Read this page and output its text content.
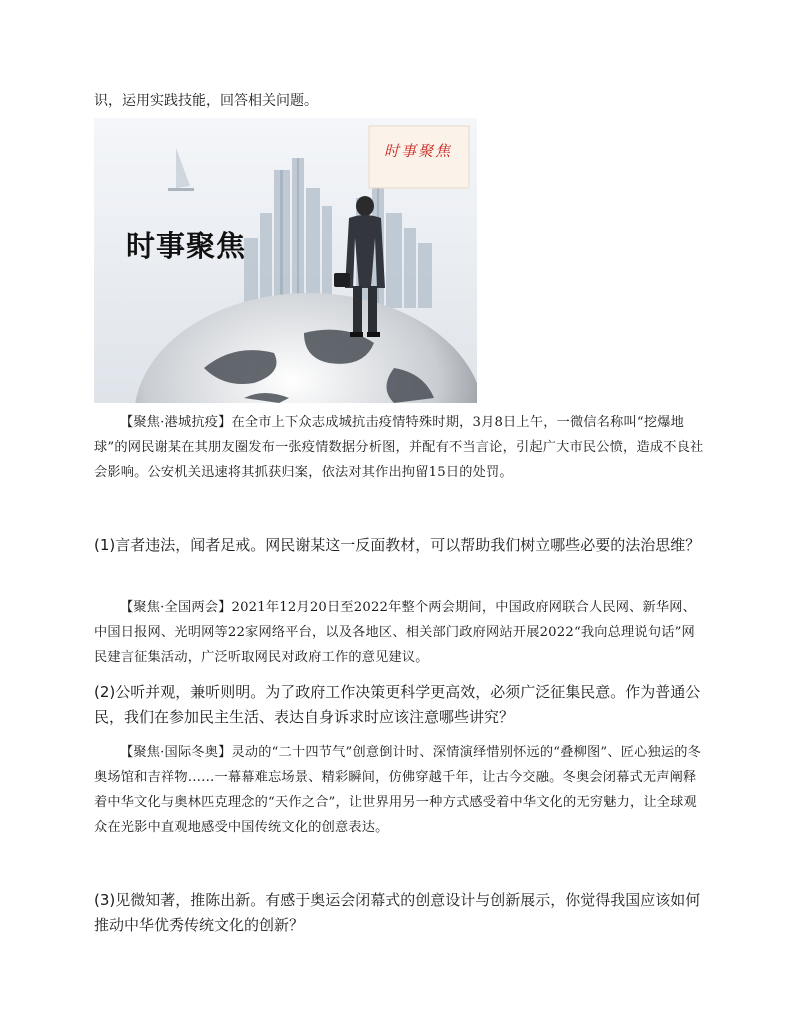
识，运用实践技能，回答相关问题。

时事聚焦
时事聚焦

【聚焦·港城抗疫】在全市上下众志成城抗击疫情特殊时期，3月8日上午，一微信名称叫“挖爆地球”的网民谢某在其朋友圈发布一张疫情数据分析图，并配有不当言论，引起广大市民公愤，造成不良社会影响。公安机关迅速将其抓获归案，依法对其作出拘留15日的处罚。

(1)言者违法，闻者足戒。网民谢某这一反面教材，可以帮助我们树立哪些必要的法治思维？

【聚焦·全国两会】2021年12月20日至2022年整个两会期间，中国政府网联合人民网、新华网、中国日报网、光明网等22家网络平台，以及各地区、相关部门政府网站开展2022“我向总理说句话”网民建言征集活动，广泛听取网民对政府工作的意见建议。

(2)公听并观，兼听则明。为了政府工作决策更科学更高效，必须广泛征集民意。作为普通公民，我们在参加民主生活、表达自身诉求时应该注意哪些讲究？

【聚焦·国际冬奥】灵动的“二十四节气”创意倒计时、深情演绎惜别怀远的“叠柳图”、匠心独运的冬奥场馆和吉祥物……一幕幕难忘场景、精彩瞬间，仿佛穿越千年，让古今交融。冬奥会闭幕式无声阐释着中华文化与奥林匹克理念的“天作之合”，让世界用另一种方式感受着中华文化的无穷魅力，让全球观众在光影中直观地感受中国传统文化的创意表达。

(3)见微知著，推陈出新。有感于奥运会闭幕式的创意设计与创新展示，你觉得我国应该如何推动中华优秀传统文化的创新？
